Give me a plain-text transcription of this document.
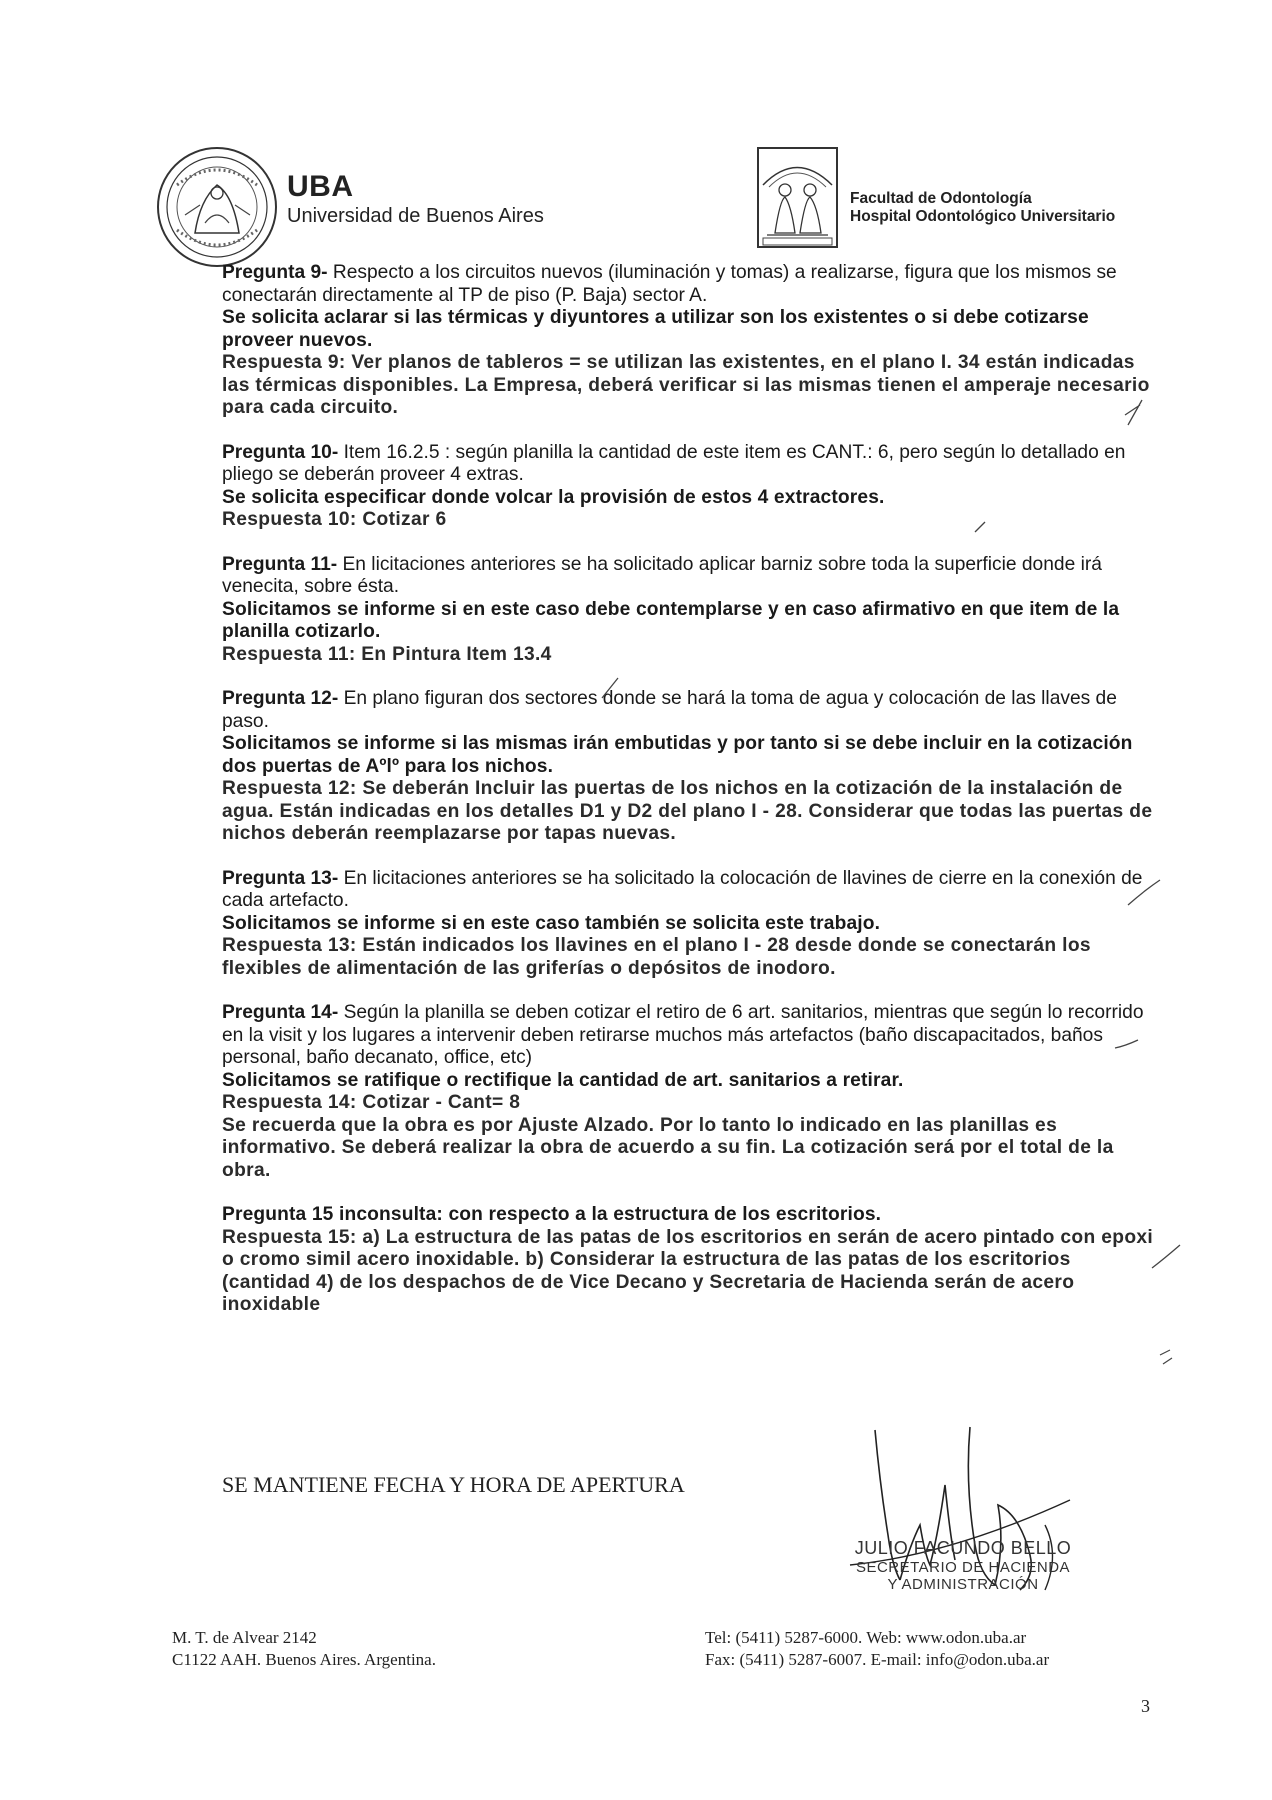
UBA
Universidad de Buenos Aires
Facultad de Odontología
Hospital Odontológico Universitario
Pregunta 9- Respecto a los circuitos nuevos (iluminación y tomas) a realizarse, figura que los mismos se conectarán directamente al TP de piso (P. Baja) sector A.
Se solicita aclarar si las térmicas y diyuntores a utilizar son los existentes o si debe cotizarse proveer nuevos.
Respuesta 9: Ver planos de tableros = se utilizan las existentes, en el plano I. 34 están indicadas las térmicas disponibles. La Empresa, deberá verificar si las mismas tienen el amperaje necesario para cada circuito.
Pregunta 10- Item 16.2.5 : según planilla la cantidad de este item es CANT.: 6, pero según lo detallado en pliego se deberán proveer 4 extras.
Se solicita especificar donde volcar la provisión de estos 4 extractores.
Respuesta 10: Cotizar 6
Pregunta 11- En licitaciones anteriores se ha solicitado aplicar barniz sobre toda la superficie donde irá venecita, sobre ésta.
Solicitamos se informe si en este caso debe contemplarse y en caso afirmativo en que item de la planilla cotizarlo.
Respuesta 11: En Pintura Item 13.4
Pregunta 12- En plano figuran dos sectores donde se hará la toma de agua y colocación de las llaves de paso.
Solicitamos se informe si las mismas irán embutidas y por tanto si se debe incluir en la cotización dos puertas de Aºlº para los nichos.
Respuesta 12: Se deberán Incluir las puertas de los nichos en la cotización de la instalación de agua. Están indicadas en los detalles D1 y D2 del plano I - 28. Considerar que todas las puertas de nichos deberán reemplazarse por tapas nuevas.
Pregunta 13- En licitaciones anteriores se ha solicitado la colocación de llavines de cierre en la conexión de cada artefacto.
Solicitamos se informe si en este caso también se solicita este trabajo.
Respuesta 13: Están indicados los llavines en el plano I - 28 desde donde se conectarán los flexibles de alimentación de las griferías o depósitos de inodoro.
Pregunta 14- Según la planilla se deben cotizar el retiro de 6 art. sanitarios, mientras que según lo recorrido en la visit y los lugares a intervenir deben retirarse muchos más artefactos (baño discapacitados, baños personal, baño decanato, office, etc)
Solicitamos se ratifique o rectifique la cantidad de art. sanitarios a retirar.
Respuesta 14: Cotizar - Cant= 8
Se recuerda que la obra es por Ajuste Alzado. Por lo tanto lo indicado en las planillas es informativo. Se deberá realizar la obra de acuerdo a su fin. La cotización será por el total de la obra.
Pregunta 15 inconsulta: con respecto a la estructura de los escritorios.
Respuesta 15: a) La estructura de las patas de los escritorios en serán de acero pintado con epoxi o cromo simil acero inoxidable. b) Considerar la estructura de las patas de los escritorios (cantidad 4) de los despachos de de Vice Decano y Secretaria de Hacienda serán de acero inoxidable
SE MANTIENE FECHA Y HORA DE APERTURA
JULIO FACUNDO BELLO
SECRETARIO DE HACIENDA
Y ADMINISTRACIÓN
M. T. de Alvear 2142
C1122 AAH. Buenos Aires. Argentina.
Tel: (5411) 5287-6000. Web: www.odon.uba.ar
Fax: (5411) 5287-6007. E-mail: info@odon.uba.ar
3
